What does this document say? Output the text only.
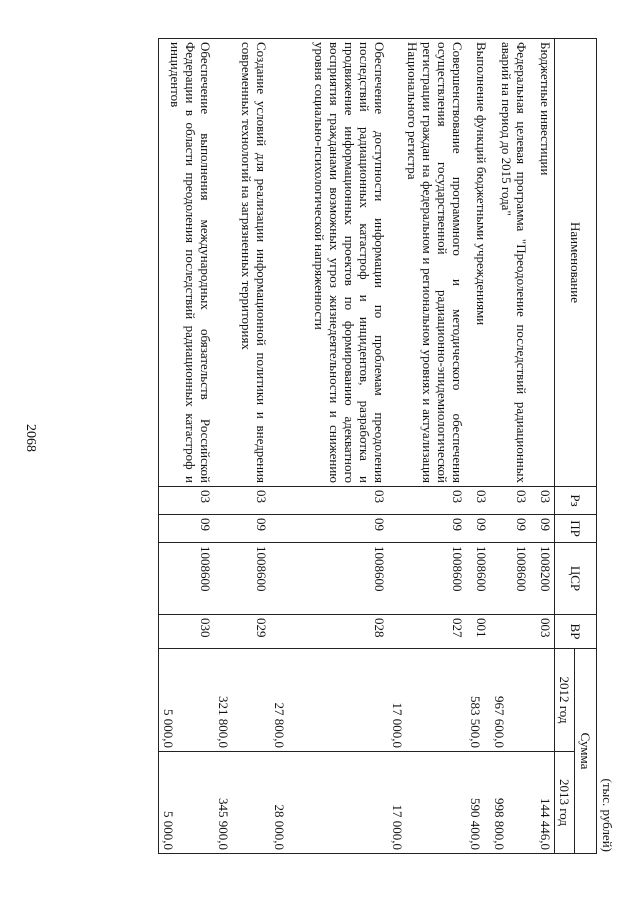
2068
(тыс. рублей)
Наименование	Рз	ПР	ЦСР	ВР	Сумма	
					2012 год	2013 год
Бюджетные инвестиции	03	09	1008200	003		144 446,0
Федеральная целевая программа "Преодоление последствий радиационных аварий на период до 2015 года"	03	09	1008600		967 600,0	998 800,0
Выполнение функций бюджетными учреждениями	03	09	1008600	001	583 500,0	590 400,0
Совершенствование программного и методического обеспечения осуществления государственной радиационно-эпидемиологической регистрации граждан на федеральном и региональном уровнях и актуализация Национального регистра	03	09	1008600	027	17 000,0	17 000,0
Обеспечение доступности информации по проблемам преодоления последствий радиационных катастроф и инцидентов, разработка и продвижение информационных проектов по формированию адекватного восприятия гражданами возможных угроз жизнедеятельности и снижению уровня социально-психологической напряженности	03	09	1008600	028	27 800,0	28 000,0
Создание условий для реализации информационной политики и внедрения современных технологий на загрязненных территориях	03	09	1008600	029	321 800,0	345 900,0
Обеспечение выполнения международных обязательств Российской Федерации в области преодоления последствий радиационных катастроф и инцидентов	03	09	1008600	030	5 000,0	5 000,0
